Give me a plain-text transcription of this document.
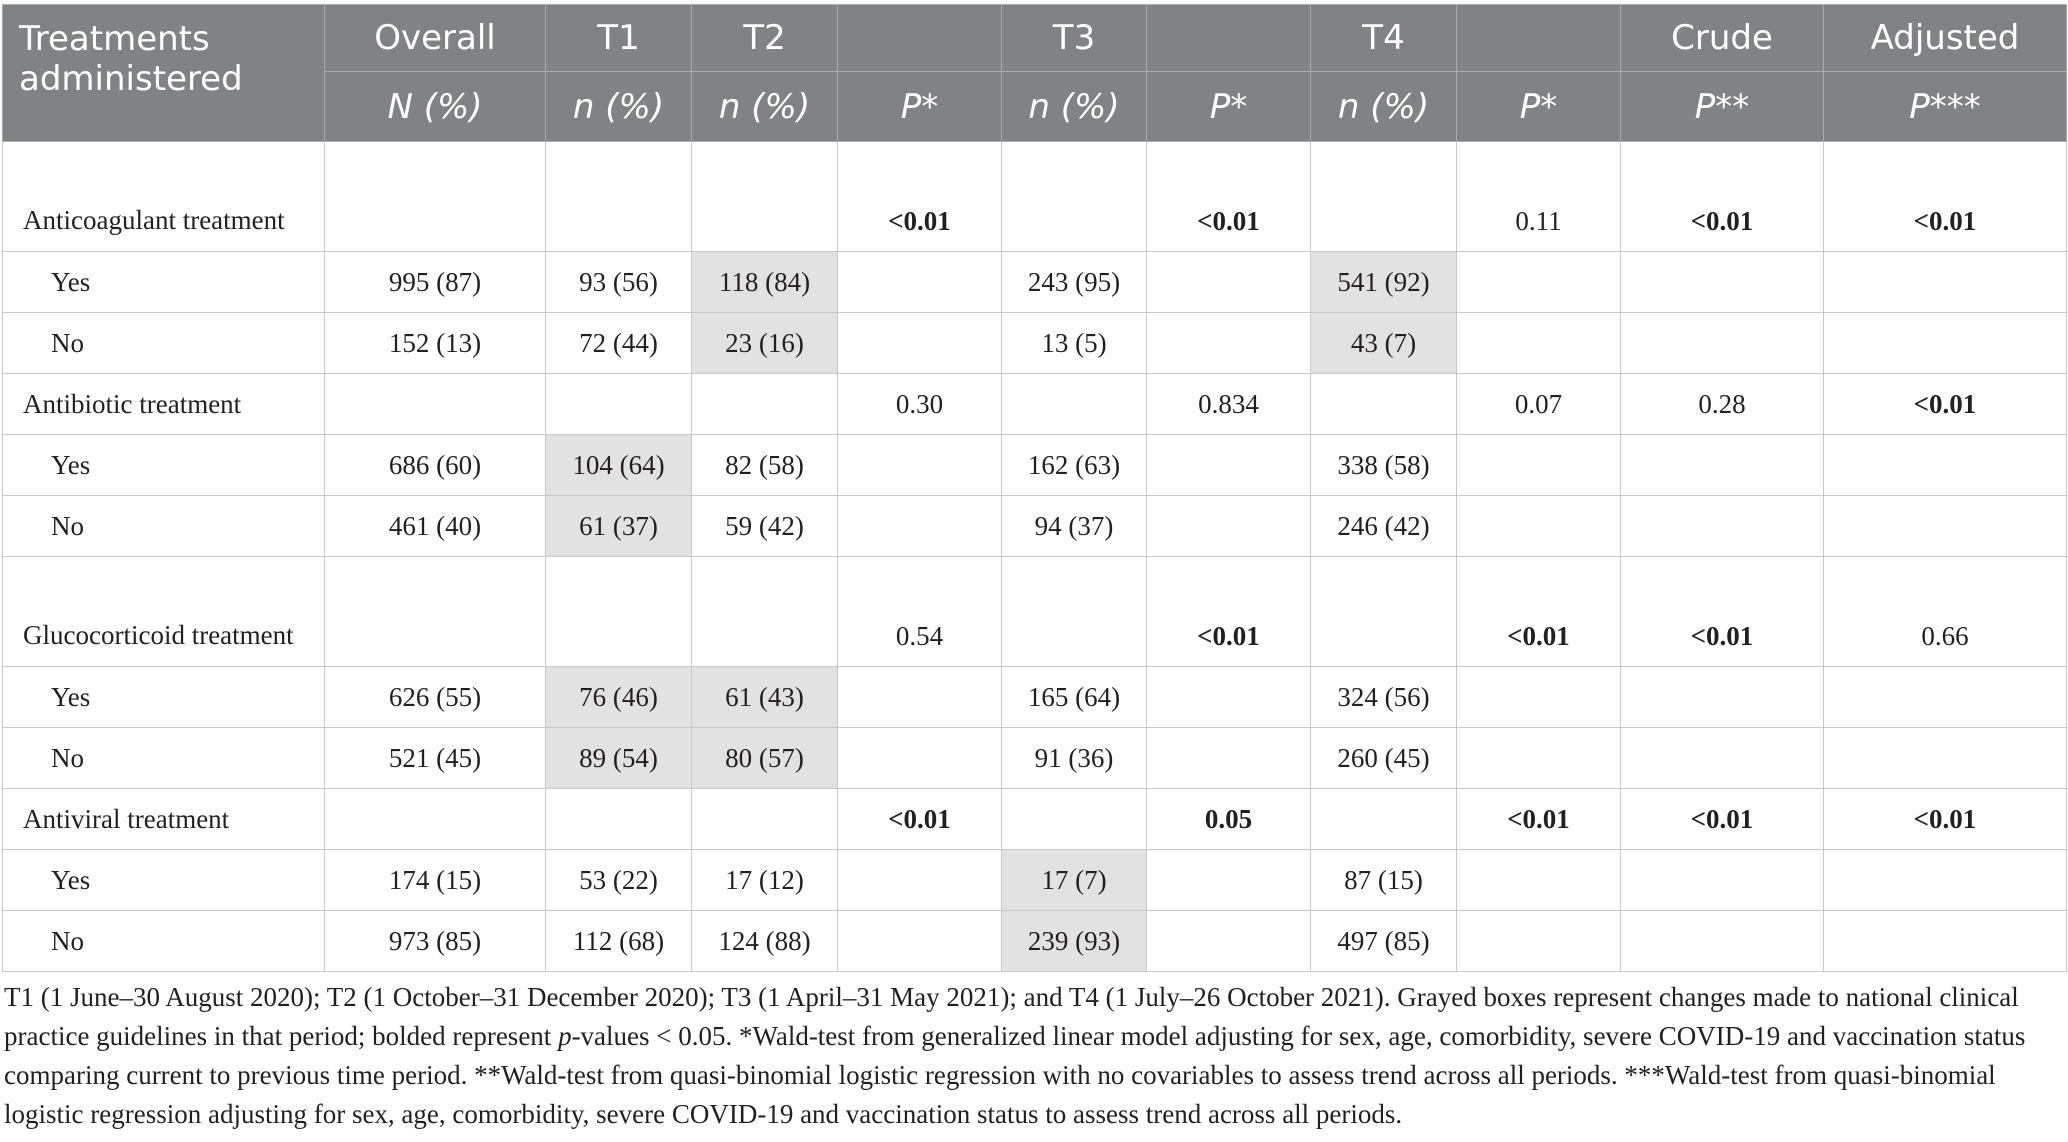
Treatments administered	Overall	T1	T2		T3		T4		Crude	Adjusted
	N (%)	n (%)	n (%)	P*	n (%)	P*	n (%)	P*	P**	P***
Anticoagulant treatment				<0.01		<0.01		0.11	<0.01	<0.01
Yes	995 (87)	93 (56)	118 (84)		243 (95)		541 (92)			
No	152 (13)	72 (44)	23 (16)		13 (5)		43 (7)			
Antibiotic treatment				0.30		0.834		0.07	0.28	<0.01
Yes	686 (60)	104 (64)	82 (58)		162 (63)		338 (58)			
No	461 (40)	61 (37)	59 (42)		94 (37)		246 (42)			
Glucocorticoid treatment				0.54		<0.01		<0.01	<0.01	0.66
Yes	626 (55)	76 (46)	61 (43)		165 (64)		324 (56)			
No	521 (45)	89 (54)	80 (57)		91 (36)		260 (45)			
Antiviral treatment				<0.01		0.05		<0.01	<0.01	<0.01
Yes	174 (15)	53 (22)	17 (12)		17 (7)		87 (15)			
No	973 (85)	112 (68)	124 (88)		239 (93)		497 (85)			
T1 (1 June–30 August 2020); T2 (1 October–31 December 2020); T3 (1 April–31 May 2021); and T4 (1 July–26 October 2021). Grayed boxes represent changes made to national clinical practice guidelines in that period; bolded represent p-values < 0.05. *Wald-test from generalized linear model adjusting for sex, age, comorbidity, severe COVID-19 and vaccination status comparing current to previous time period. **Wald-test from quasi-binomial logistic regression with no covariables to assess trend across all periods. ***Wald-test from quasi-binomial logistic regression adjusting for sex, age, comorbidity, severe COVID-19 and vaccination status to assess trend across all periods.
